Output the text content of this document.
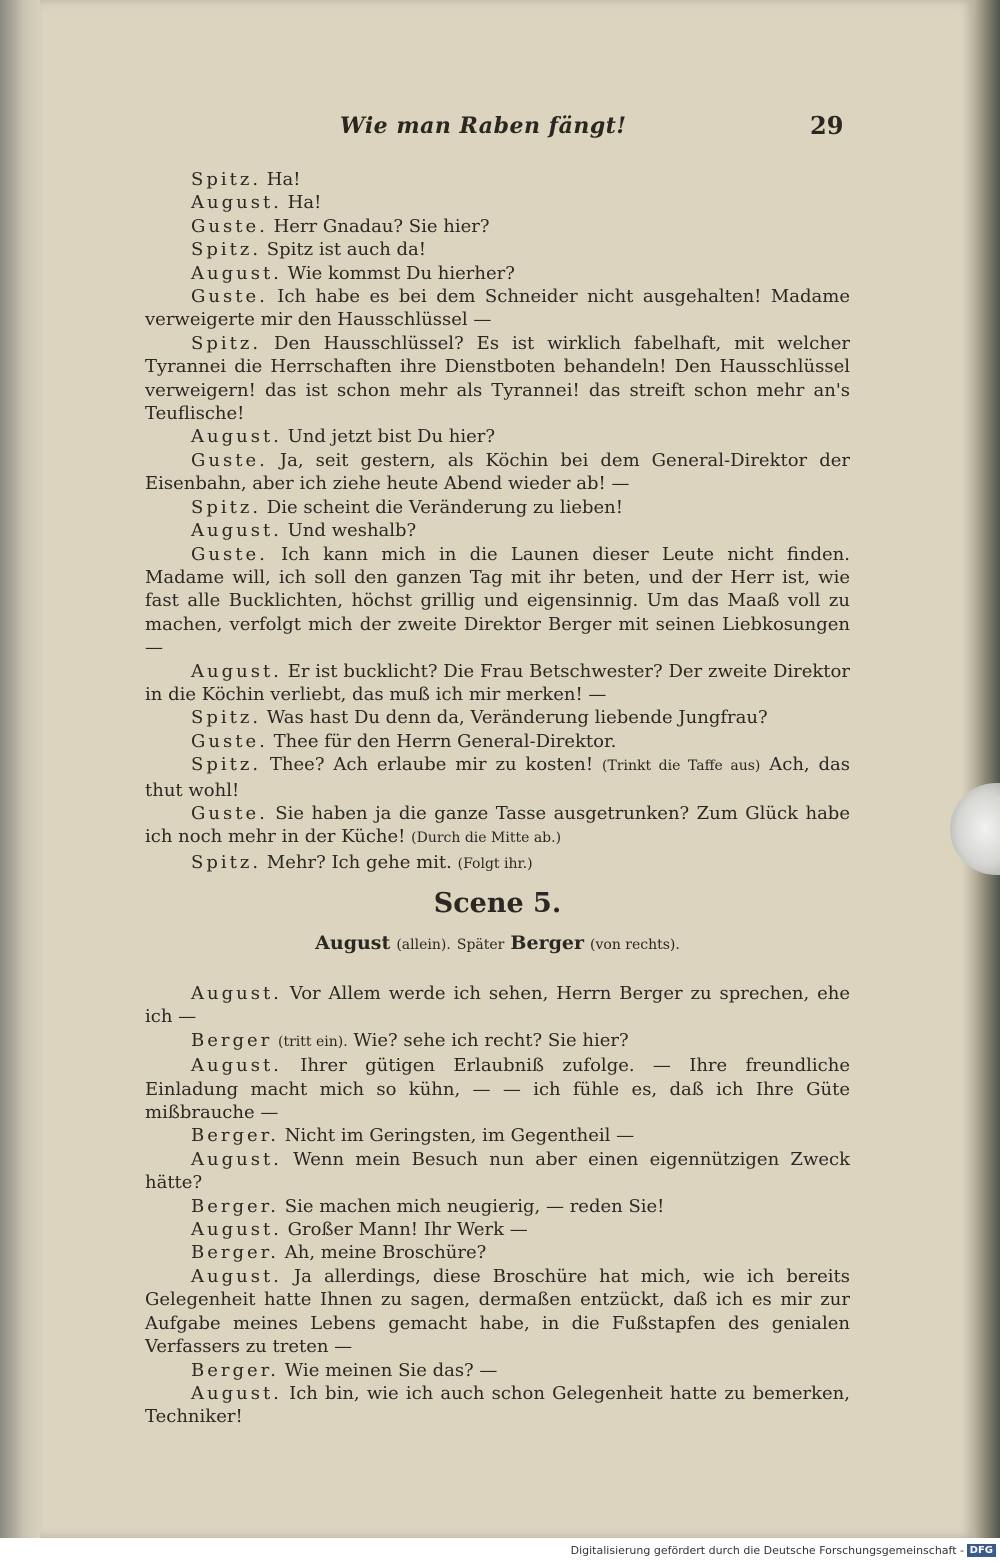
Wie man Raben fängt!	29

Spitz. Ha!

August. Ha!

Guste. Herr Gnadau? Sie hier?

Spitz. Spitz ist auch da!

August. Wie kommst Du hierher?

Guste. Ich habe es bei dem Schneider nicht ausgehalten! Madame verweigerte mir den Hausschlüssel —

Spitz. Den Hausschlüssel? Es ist wirklich fabelhaft, mit welcher Tyrannei die Herrschaften ihre Dienstboten behandeln! Den Hausschlüssel verweigern! das ist schon mehr als Tyrannei! das streift schon mehr an's Teuflische!

August. Und jetzt bist Du hier?

Guste. Ja, seit gestern, als Köchin bei dem General-Direktor der Eisenbahn, aber ich ziehe heute Abend wieder ab! —

Spitz. Die scheint die Veränderung zu lieben!

August. Und weshalb?

Guste. Ich kann mich in die Launen dieser Leute nicht finden. Madame will, ich soll den ganzen Tag mit ihr beten, und der Herr ist, wie fast alle Bucklichten, höchst grillig und eigensinnig. Um das Maaß voll zu machen, verfolgt mich der zweite Direktor Berger mit seinen Liebkosungen —

August. Er ist bucklicht? Die Frau Betschwester? Der zweite Direktor in die Köchin verliebt, das muß ich mir merken! —

Spitz. Was hast Du denn da, Veränderung liebende Jungfrau?

Guste. Thee für den Herrn General-Direktor.

Spitz. Thee? Ach erlaube mir zu kosten! (Trinkt die Taffe aus) Ach, das thut wohl!

Guste. Sie haben ja die ganze Tasse ausgetrunken? Zum Glück habe ich noch mehr in der Küche! (Durch die Mitte ab.)

Spitz. Mehr? Ich gehe mit. (Folgt ihr.)

Scene 5.
August (allein). Später Berger (von rechts).

August. Vor Allem werde ich sehen, Herrn Berger zu sprechen, ehe ich —

Berger (tritt ein). Wie? sehe ich recht? Sie hier?

August. Ihrer gütigen Erlaubniß zufolge. — Ihre freundliche Einladung macht mich so kühn, — — ich fühle es, daß ich Ihre Güte mißbrauche —

Berger. Nicht im Geringsten, im Gegentheil —

August. Wenn mein Besuch nun aber einen eigennützigen Zweck hätte?

Berger. Sie machen mich neugierig, — reden Sie!

August. Großer Mann! Ihr Werk —

Berger. Ah, meine Broschüre?

August. Ja allerdings, diese Broschüre hat mich, wie ich bereits Gelegenheit hatte Ihnen zu sagen, dermaßen entzückt, daß ich es mir zur Aufgabe meines Lebens gemacht habe, in die Fußstapfen des genialen Verfassers zu treten —

Berger. Wie meinen Sie das? —

August. Ich bin, wie ich auch schon Gelegenheit hatte zu bemerken, Techniker!

Digitalisierung gefördert durch die Deutsche Forschungsgemeinschaft - DFG
